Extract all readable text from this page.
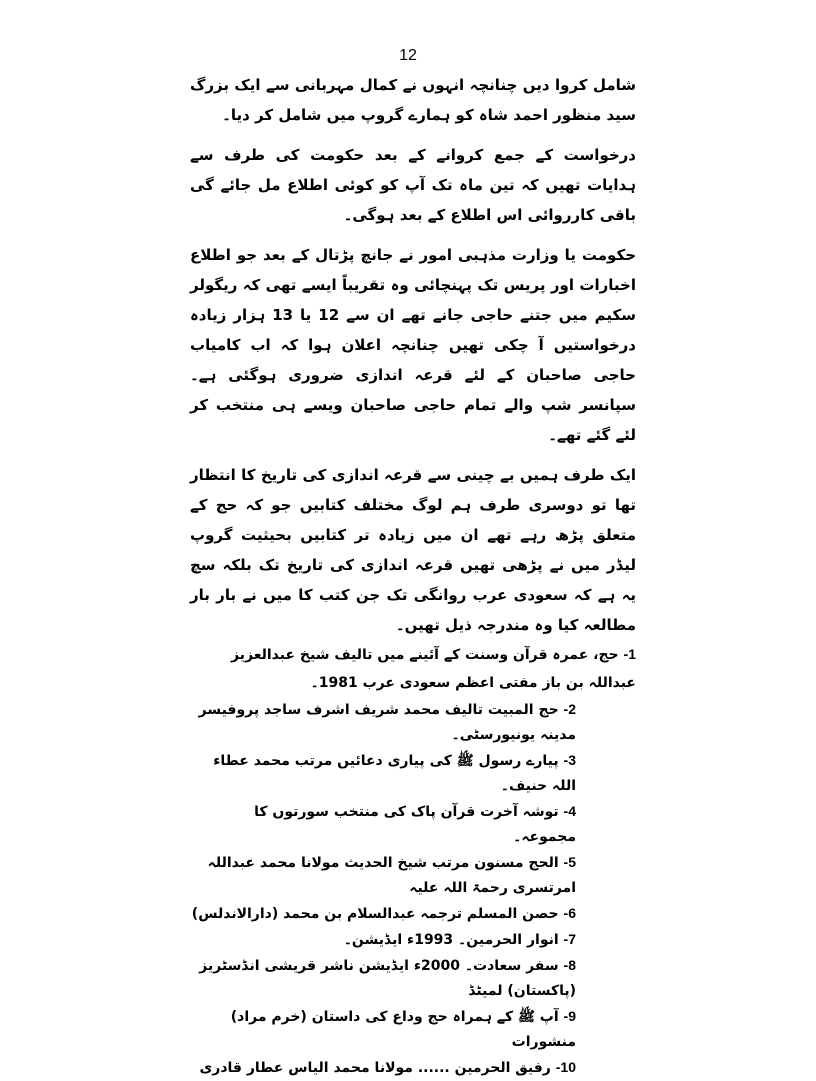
12

شامل کروا دیں چنانچہ انہوں نے کمال مہربانی سے ایک بزرگ سید منظور احمد شاہ کو ہمارے گروپ میں شامل کر دیا۔

درخواست کے جمع کروانے کے بعد حکومت کی طرف سے ہدایات تھیں کہ تین ماہ تک آپ کو کوئی اطلاع مل جائے گی باقی کارروائی اس اطلاع کے بعد ہوگی۔

حکومت یا وزارت مذہبی امور نے جانچ پڑتال کے بعد جو اطلاع اخبارات اور پریس تک پہنچائی وہ تقریباً ایسے تھی کہ ریگولر سکیم میں جتنے حاجی جانے تھے ان سے 12 یا 13 ہزار زیادہ درخواستیں آ چکی تھیں چنانچہ اعلان ہوا کہ اب کامیاب حاجی صاحبان کے لئے قرعہ اندازی ضروری ہوگئی ہے۔ سپانسر شپ والے تمام حاجی صاحبان ویسے ہی منتخب کر لئے گئے تھے۔

ایک طرف ہمیں بے چینی سے قرعہ اندازی کی تاریخ کا انتظار تھا تو دوسری طرف ہم لوگ مختلف کتابیں جو کہ حج کے متعلق پڑھ رہے تھے ان میں زیادہ تر کتابیں بحیثیت گروپ لیڈر میں نے پڑھی تھیں قرعہ اندازی کی تاریخ تک بلکہ سچ یہ ہے کہ سعودی عرب روانگی تک جن کتب کا میں نے بار بار مطالعہ کیا وہ مندرجہ ذیل تھیں۔

1- حج، عمرہ قرآن وسنت کے آئینے میں تالیف شیخ عبدالعزیز عبداللہ بن باز مفتی اعظم سعودی عرب 1981۔
2- حج المبیت تالیف محمد شریف اشرف ساجد پروفیسر مدینہ یونیورسٹی۔
3- پیارے رسول ﷺ کی پیاری دعائیں مرتب محمد عطاء اللہ حنیف۔
4- توشہ آخرت قرآن پاک کی منتخب سورتوں کا مجموعہ۔
5- الحج مسنون مرتب شیخ الحدیث مولانا محمد عبداللہ امرتسری رحمۃ اللہ علیہ
6- حصن المسلم ترجمہ عبدالسلام بن محمد (دارالاندلس)
7- انوار الحرمین۔ 1993ء ایڈیشن۔
8- سفر سعادت۔ 2000ء ایڈیشن ناشر قریشی انڈسٹریز (پاکستان) لمیٹڈ
9- آپ ﷺ کے ہمراہ حج وداع کی داستان (خرم مراد) منشورات
10- رفیق الحرمین ...... مولانا محمد الیاس عطار قادری
